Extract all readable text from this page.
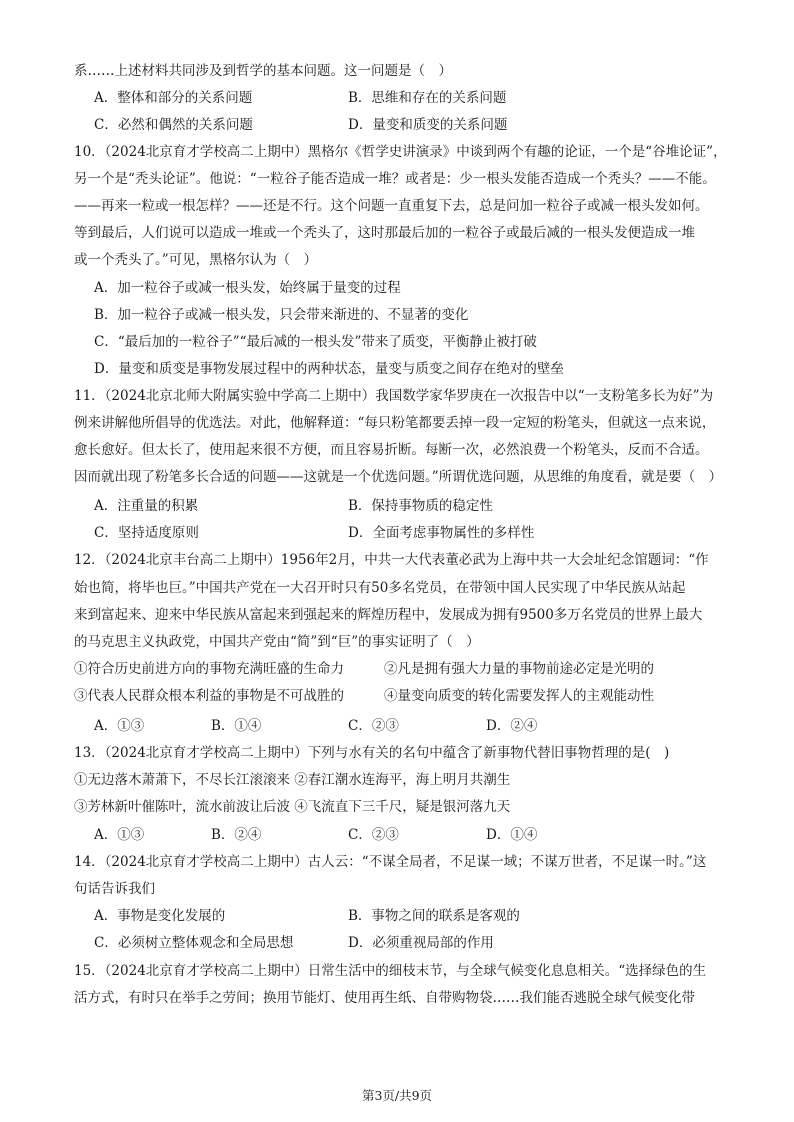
系……上述材料共同涉及到哲学的基本问题。这一问题是（　）
A．整体和部分的关系问题	B．思维和存在的关系问题
C．必然和偶然的关系问题	D．量变和质变的关系问题
10．（2024北京育才学校高二上期中）黑格尔《哲学史讲演录》中谈到两个有趣的论证，一个是“谷堆论证”，
另一个是“秃头论证”。他说：“一粒谷子能否造成一堆？或者是：少一根头发能否造成一个秃头？——不能。
——再来一粒或一根怎样？——还是不行。这个问题一直重复下去，总是问加一粒谷子或减一根头发如何。
等到最后，人们说可以造成一堆或一个秃头了，这时那最后加的一粒谷子或最后减的一根头发便造成一堆
或一个秃头了。”可见，黑格尔认为（　）
A．加一粒谷子或减一根头发，始终属于量变的过程
B．加一粒谷子或减一根头发，只会带来渐进的、不显著的变化
C．“最后加的一粒谷子”“最后减的一根头发”带来了质变，平衡静止被打破
D．量变和质变是事物发展过程中的两种状态，量变与质变之间存在绝对的壁垒
11．（2024北京北师大附属实验中学高二上期中）我国数学家华罗庚在一次报告中以“一支粉笔多长为好”为
例来讲解他所倡导的优选法。对此，他解释道：“每只粉笔都要丢掉一段一定短的粉笔头，但就这一点来说，
愈长愈好。但太长了，使用起来很不方便，而且容易折断。每断一次，必然浪费一个粉笔头，反而不合适。
因而就出现了粉笔多长合适的问题——这就是一个优选问题。”所谓优选问题，从思维的角度看，就是要（　）
A．注重量的积累	B．保持事物质的稳定性
C．坚持适度原则	D．全面考虑事物属性的多样性
12．（2024北京丰台高二上期中）1956年2月，中共一大代表董必武为上海中共一大会址纪念馆题词：“作
始也简，将毕也巨。”中国共产党在一大召开时只有50多名党员，在带领中国人民实现了中华民族从站起
来到富起来、迎来中华民族从富起来到强起来的辉煌历程中，发展成为拥有9500多万名党员的世界上最大
的马克思主义执政党，中国共产党由“简”到“巨”的事实证明了（　）
①符合历史前进方向的事物充满旺盛的生命力	②凡是拥有强大力量的事物前途必定是光明的
③代表人民群众根本利益的事物是不可战胜的	④量变向质变的转化需要发挥人的主观能动性
A．①③	B．①④	C．②③	D．②④
13．（2024北京育才学校高二上期中）下列与水有关的名句中蕴含了新事物代替旧事物哲理的是(　)
①无边落木萧萧下，不尽长江滚滚来 ②春江潮水连海平，海上明月共潮生
③芳林新叶催陈叶，流水前波让后波 ④飞流直下三千尺，疑是银河落九天
A．①③	B．②④	C．②③	D．①④
14．（2024北京育才学校高二上期中）古人云：“不谋全局者，不足谋一域；不谋万世者，不足谋一时。”这
句话告诉我们
A．事物是变化发展的	B．事物之间的联系是客观的
C．必须树立整体观念和全局思想	D．必须重视局部的作用
15．（2024北京育才学校高二上期中）日常生活中的细枝末节，与全球气候变化息息相关。“选择绿色的生
活方式，有时只在举手之劳间；换用节能灯、使用再生纸、自带购物袋……我们能否逃脱全球气候变化带
第3页/共9页
